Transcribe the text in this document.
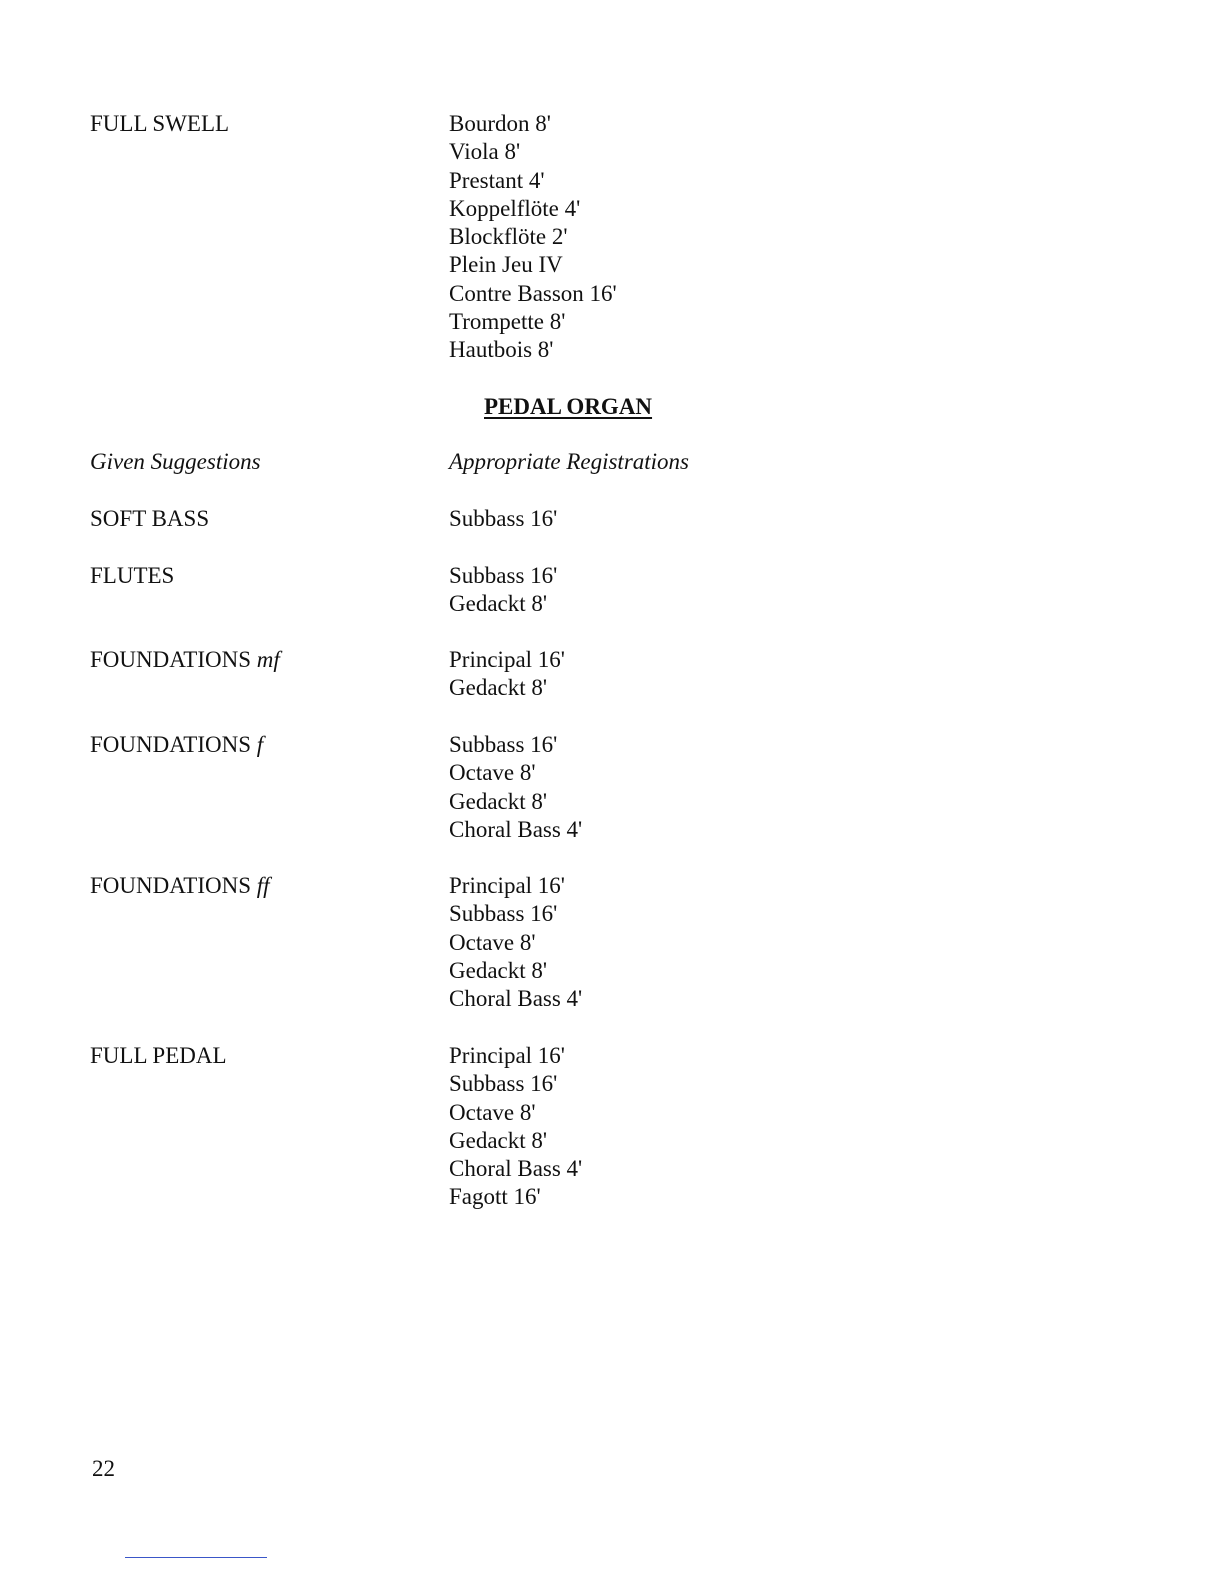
FULL SWELL	Bourdon 8'
Viola 8'
Prestant 4'
Koppelflöte 4'
Blockflöte 2'
Plein Jeu IV
Contre Basson 16'
Trompette 8'
Hautbois 8'
PEDAL ORGAN
Given Suggestions	Appropriate Registrations
SOFT BASS	Subbass 16'
FLUTES	Subbass 16'
Gedackt 8'
FOUNDATIONS mf	Principal 16'
Gedackt 8'
FOUNDATIONS f	Subbass 16'
Octave 8'
Gedackt 8'
Choral Bass 4'
FOUNDATIONS ff	Principal 16'
Subbass 16'
Octave 8'
Gedackt 8'
Choral Bass 4'
FULL PEDAL	Principal 16'
Subbass 16'
Octave 8'
Gedackt 8'
Choral Bass 4'
Fagott 16'
22
